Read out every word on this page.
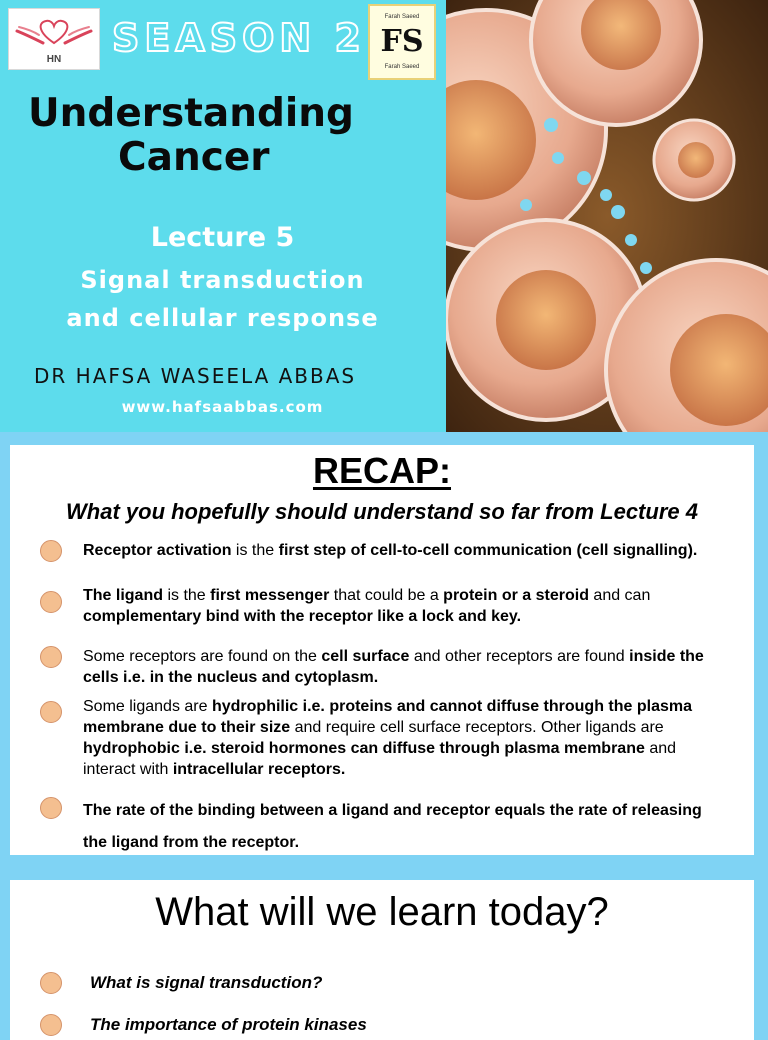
HN	SEASON 2	Farah Saeed
FS
Farah Saeed
Understanding
Cancer
Lecture 5
Signal transduction
and cellular response
DR HAFSA WASEELA ABBAS
www.hafsaabbas.com
RECAP:
What you hopefully should understand so far from Lecture 4
Receptor activation is the first step of cell-to-cell communication (cell signalling).
The ligand is the first messenger that could be a protein or a steroid and can complementary bind with the receptor like a lock and key.
Some receptors are found on the cell surface and other receptors are found inside the cells i.e. in the nucleus and cytoplasm.
Some ligands are hydrophilic i.e. proteins and cannot diffuse through the plasma membrane due to their size and require cell surface receptors. Other ligands are hydrophobic i.e. steroid hormones can diffuse through plasma membrane and interact with intracellular receptors.
The rate of the binding between a ligand and receptor equals the rate of releasing the ligand from the receptor.
What will we learn today?
What is signal transduction?
The importance of protein kinases
